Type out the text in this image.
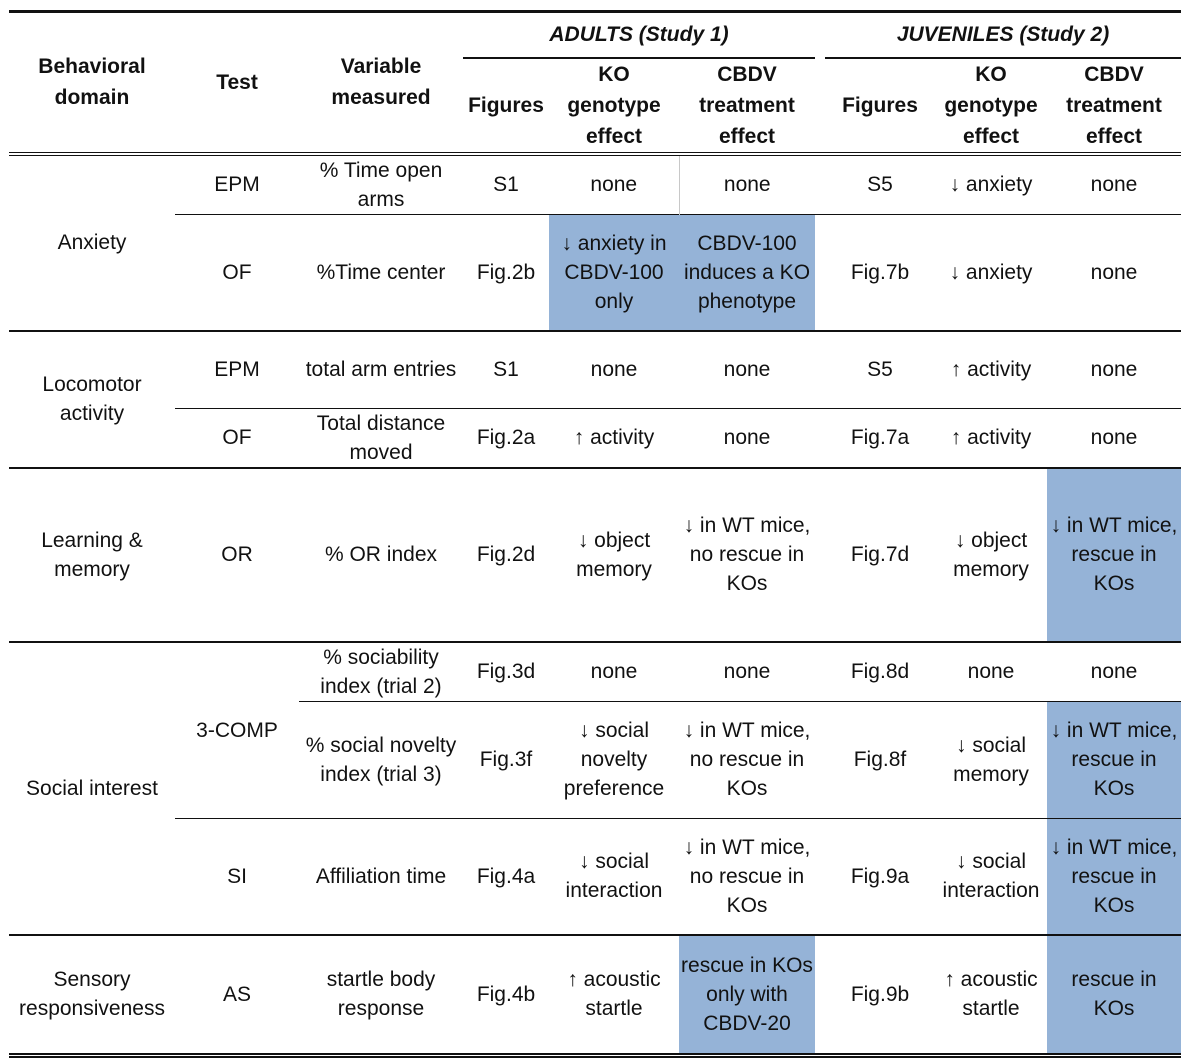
Behavioral domain	Test	Variable measured	ADULTS (Study 1)				JUVENILES (Study 2)		
			Figures	KO genotype effect	CBDV treatment effect		Figures	KO genotype effect	CBDV treatment effect
Anxiety	EPM	% Time open arms	S1	none	none		S5	↓ anxiety	none
	OF	%Time center	Fig.2b	↓ anxiety in CBDV-100 only	CBDV-100 induces a KO phenotype		Fig.7b	↓ anxiety	none
Locomotor activity	EPM	total arm entries	S1	none	none		S5	↑ activity	none
	OF	Total distance moved	Fig.2a	↑ activity	none		Fig.7a	↑ activity	none
Learning & memory	OR	% OR index	Fig.2d	↓ object memory	↓ in WT mice, no rescue in KOs		Fig.7d	↓ object memory	↓ in WT mice, rescue in KOs
Social interest	3-COMP	% sociability index (trial 2)	Fig.3d	none	none		Fig.8d	none	none
		% social novelty index (trial 3)	Fig.3f	↓ social novelty preference	↓ in WT mice, no rescue in KOs		Fig.8f	↓ social memory	↓ in WT mice, rescue in KOs
	SI	Affiliation time	Fig.4a	↓ social interaction	↓ in WT mice, no rescue in KOs		Fig.9a	↓ social interaction	↓ in WT mice, rescue in KOs
Sensory responsiveness	AS	startle body response	Fig.4b	↑ acoustic startle	rescue in KOs only with CBDV-20		Fig.9b	↑ acoustic startle	rescue in KOs
